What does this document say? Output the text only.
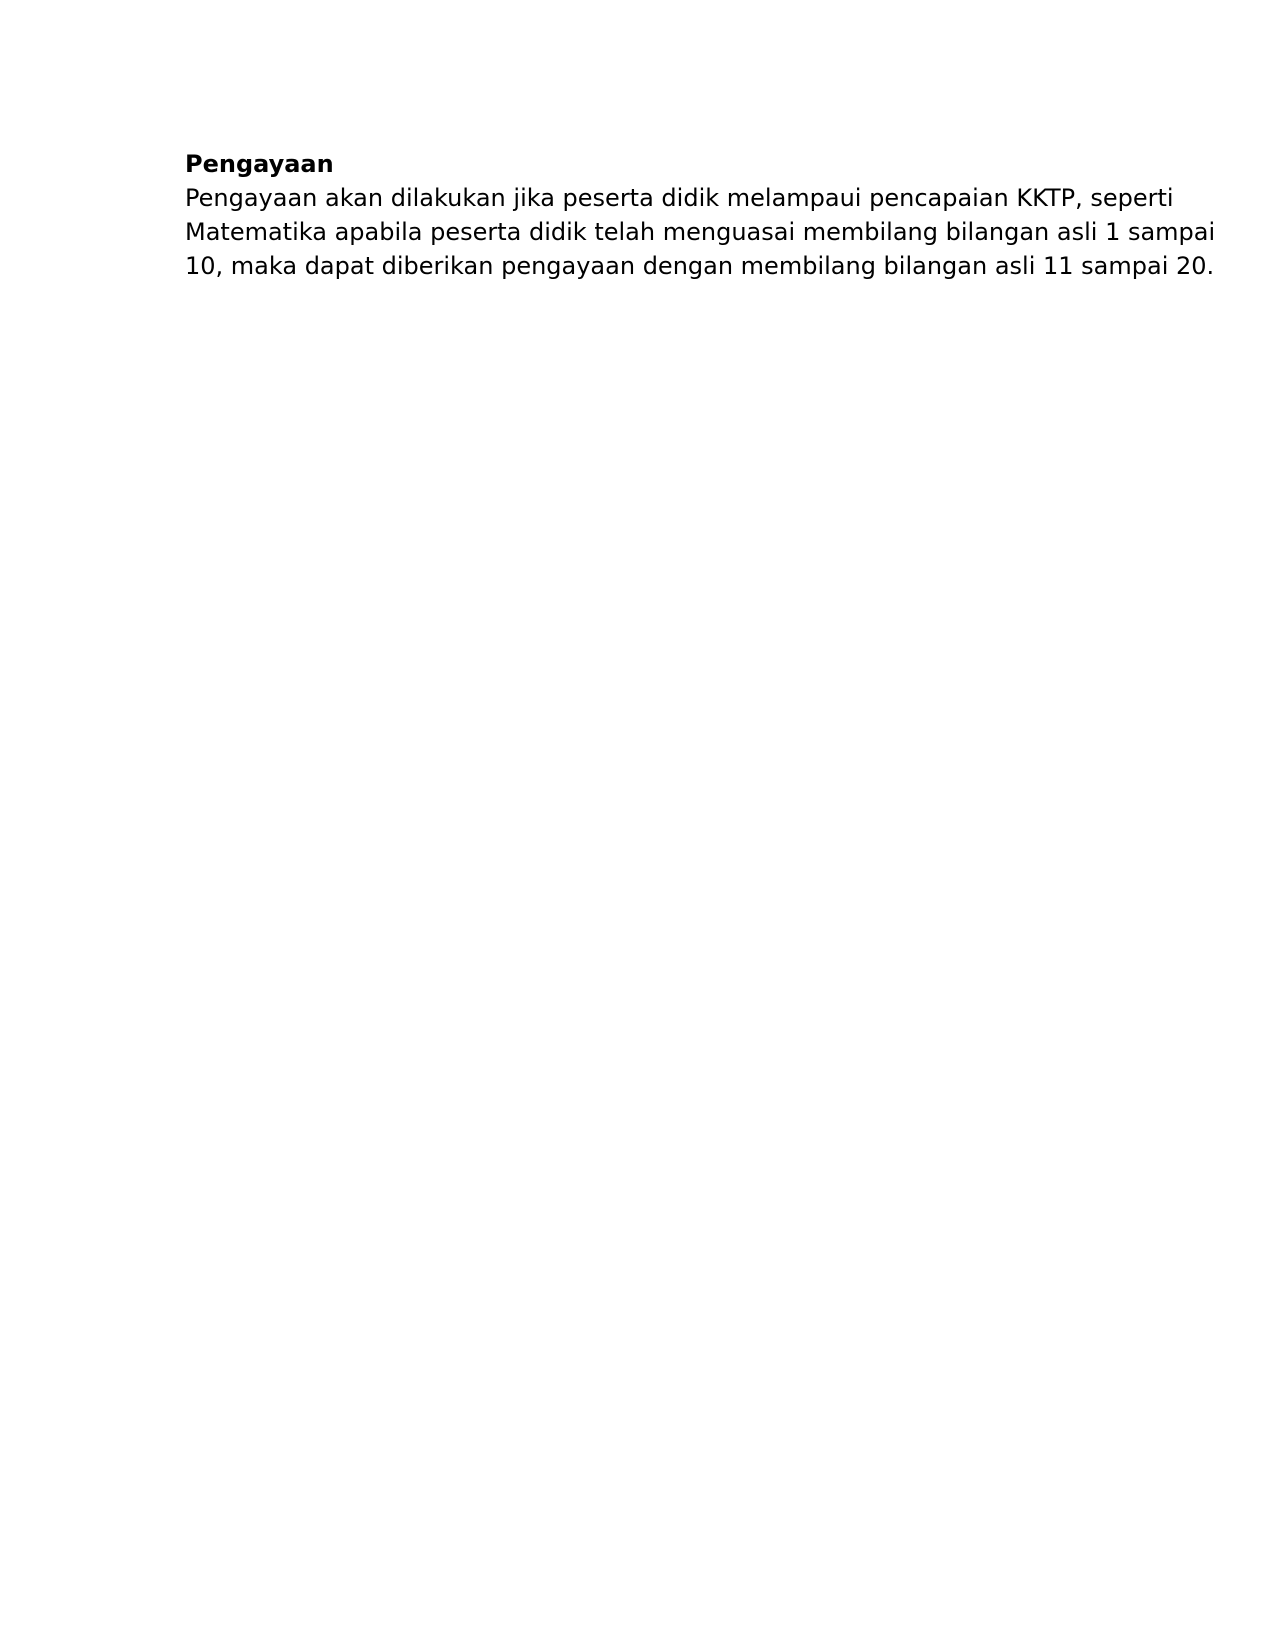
Pengayaan

Pengayaan akan dilakukan jika peserta didik melampaui pencapaian KKTP, seperti
Matematika apabila peserta didik telah menguasai membilang bilangan asli 1 sampai
10, maka dapat diberikan pengayaan dengan membilang bilangan asli 11 sampai 20.
